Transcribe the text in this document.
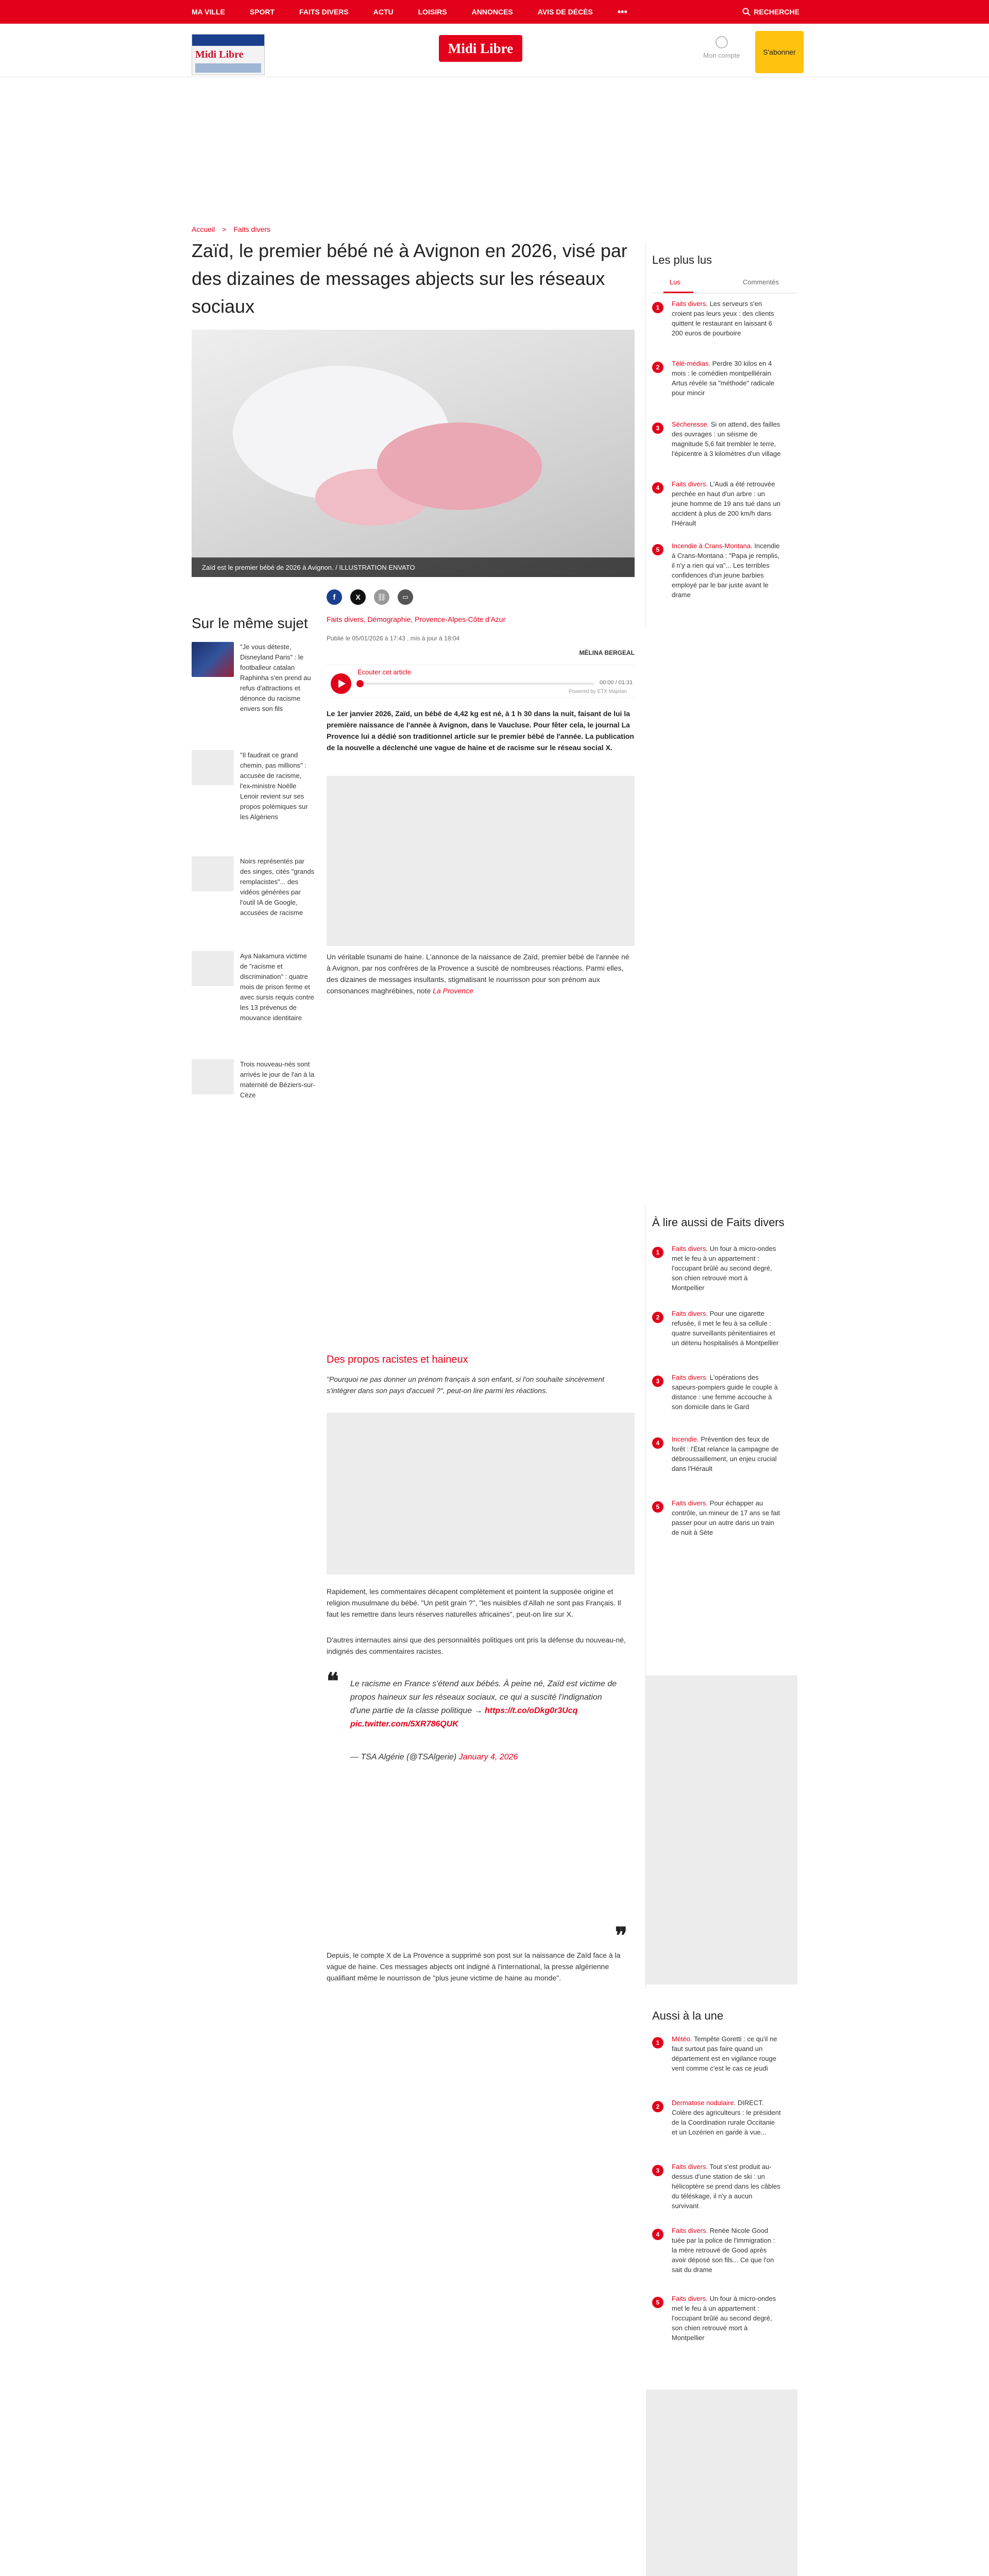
MA VILLE	SPORT	FAITS DIVERS	ACTU	LOISIRS	ANNONCES	AVIS DE DÉCÈS	•••	RECHERCHE
Midi Libre	Midi Libre	Mon compte	S'abonner
Accueil > Faits divers
Zaïd, le premier bébé né à Avignon en 2026, visé par des dizaines de messages abjects sur les réseaux sociaux
Zaïd est le premier bébé de 2026 à Avignon. / ILLUSTRATION ENVATO
Sur le même sujet
"Je vous déteste, Disneyland Paris" : le footballeur catalan Raphinha s'en prend au refus d'attractions et dénonce du racisme envers son fils
"Il faudrait ce grand chemin, pas millions" : accusée de racisme, l'ex-ministre Noëlle Lenoir revient sur ses propos polémiques sur les Algériens
Noirs représentés par des singes, cités "grands remplacistes"... des vidéos générées par l'outil IA de Google, accusées de racisme
Aya Nakamura victime de "racisme et discrimination" : quatre mois de prison ferme et avec sursis requis contre les 13 prévenus de mouvance identitaire
Trois nouveau-nés sont arrivés le jour de l'an à la maternité de Béziers-sur-Cèze
f	X	⛓	▭
Faits divers, Démographie, Provence-Alpes-Côte d'Azur
Publié le 05/01/2026 à 17:43 , mis à jour à 18:04
MÉLINA BERGEAL
Écouter cet article
00:00 / 01:31
Powered by ETX Majelan

Le 1er janvier 2026, Zaïd, un bébé de 4,42 kg est né, à 1 h 30 dans la nuit, faisant de lui la première naissance de l'année à Avignon, dans le Vaucluse. Pour fêter cela, le journal La Provence lui a dédié son traditionnel article sur le premier bébé de l'année. La publication de la nouvelle a déclenché une vague de haine et de racisme sur le réseau social X.

Un véritable tsunami de haine. L'annonce de la naissance de Zaïd, premier bébé de l'année né à Avignon, par nos confrères de la Provence a suscité de nombreuses réactions. Parmi elles, des dizaines de messages insultants, stigmatisant le nourrisson pour son prénom aux consonances maghrébines, note La Provence

Des propos racistes et haineux

"Pourquoi ne pas donner un prénom français à son enfant, si l'on souhaite sincèrement s'intégrer dans son pays d'accueil ?", peut-on lire parmi les réactions.

Rapidement, les commentaires décapent complètement et pointent la supposée origine et religion musulmane du bébé. "Un petit grain ?", "les nuisibles d'Allah ne sont pas Français. Il faut les remettre dans leurs réserves naturelles africaines", peut-on lire sur X.

D'autres internautes ainsi que des personnalités politiques ont pris la défense du nouveau-né, indignés des commentaires racistes.

❝ Le racisme en France s'étend aux bébés. À peine né, Zaïd est victime de propos haineux sur les réseaux sociaux, ce qui a suscité l'indignation d'une partie de la classe politique → https://t.co/oDkg0r3Ucq pic.twitter.com/5XR786QUK

— TSA Algérie (@TSAlgerie) January 4, 2026
❞

Depuis, le compte X de La Provence a supprimé son post sur la naissance de Zaïd face à la vague de haine. Ces messages abjects ont indigné à l'international, la presse algérienne qualifiant même le nourrisson de "plus jeune victime de haine au monde".

Les plus lus
Lus	Commentés
1	Faits divers. Les serveurs s'en croient pas leurs yeux : des clients quittent le restaurant en laissant 6 200 euros de pourboire
2	Télé-médias. Perdre 30 kilos en 4 mois : le comédien montpelliérain Artus révèle sa "méthode" radicale pour mincir
3	Sécheresse. Si on attend, des failles des ouvrages : un séisme de magnitude 5,6 fait trembler le terre, l'épicentre à 3 kilomètres d'un village
4	Faits divers. L'Audi a été retrouvée perchée en haut d'un arbre : un jeune homme de 19 ans tué dans un accident à plus de 200 km/h dans l'Hérault
5	Incendie à Crans-Montana. Incendie à Crans-Montana : "Papa je remplis, il n'y a rien qui va"... Les terribles confidences d'un jeune barbies employé par le bar juste avant le drame
À lire aussi de Faits divers
1	Faits divers. Un four à micro-ondes met le feu à un appartement : l'occupant brûlé au second degré, son chien retrouvé mort à Montpellier
2	Faits divers. Pour une cigarette refusée, il met le feu à sa cellule : quatre surveillants pénitentiaires et un détenu hospitalisés à Montpellier
3	Faits divers. L'opérations des sapeurs-pompiers guide le couple à distance : une femme accouche à son domicile dans le Gard
4	Incendie. Prévention des feux de forêt : l'État relance la campagne de débroussaillement, un enjeu crucial dans l'Hérault
5	Faits divers. Pour échapper au contrôle, un mineur de 17 ans se fait passer pour un autre dans un train de nuit à Sète
Aussi à la une
1	Météo. Tempête Goretti : ce qu'il ne faut surtout pas faire quand un département est en vigilance rouge vent comme c'est le cas ce jeudi
2	Dermatose nodulaire. DIRECT. Colère des agriculteurs : le président de la Coordination rurale Occitanie et un Lozérien en garde à vue...
3	Faits divers. Tout s'est produit au-dessus d'une station de ski : un hélicoptère se prend dans les câbles du téléskage, il n'y a aucun survivant
4	Faits divers. Renée Nicole Good tuée par la police de l'immigration : la mère retrouvé de Good après avoir déposé son fils... Ce que l'on sait du drame
5	Faits divers. Un four à micro-ondes met le feu à un appartement : l'occupant brûlé au second degré, son chien retrouvé mort à Montpellier
